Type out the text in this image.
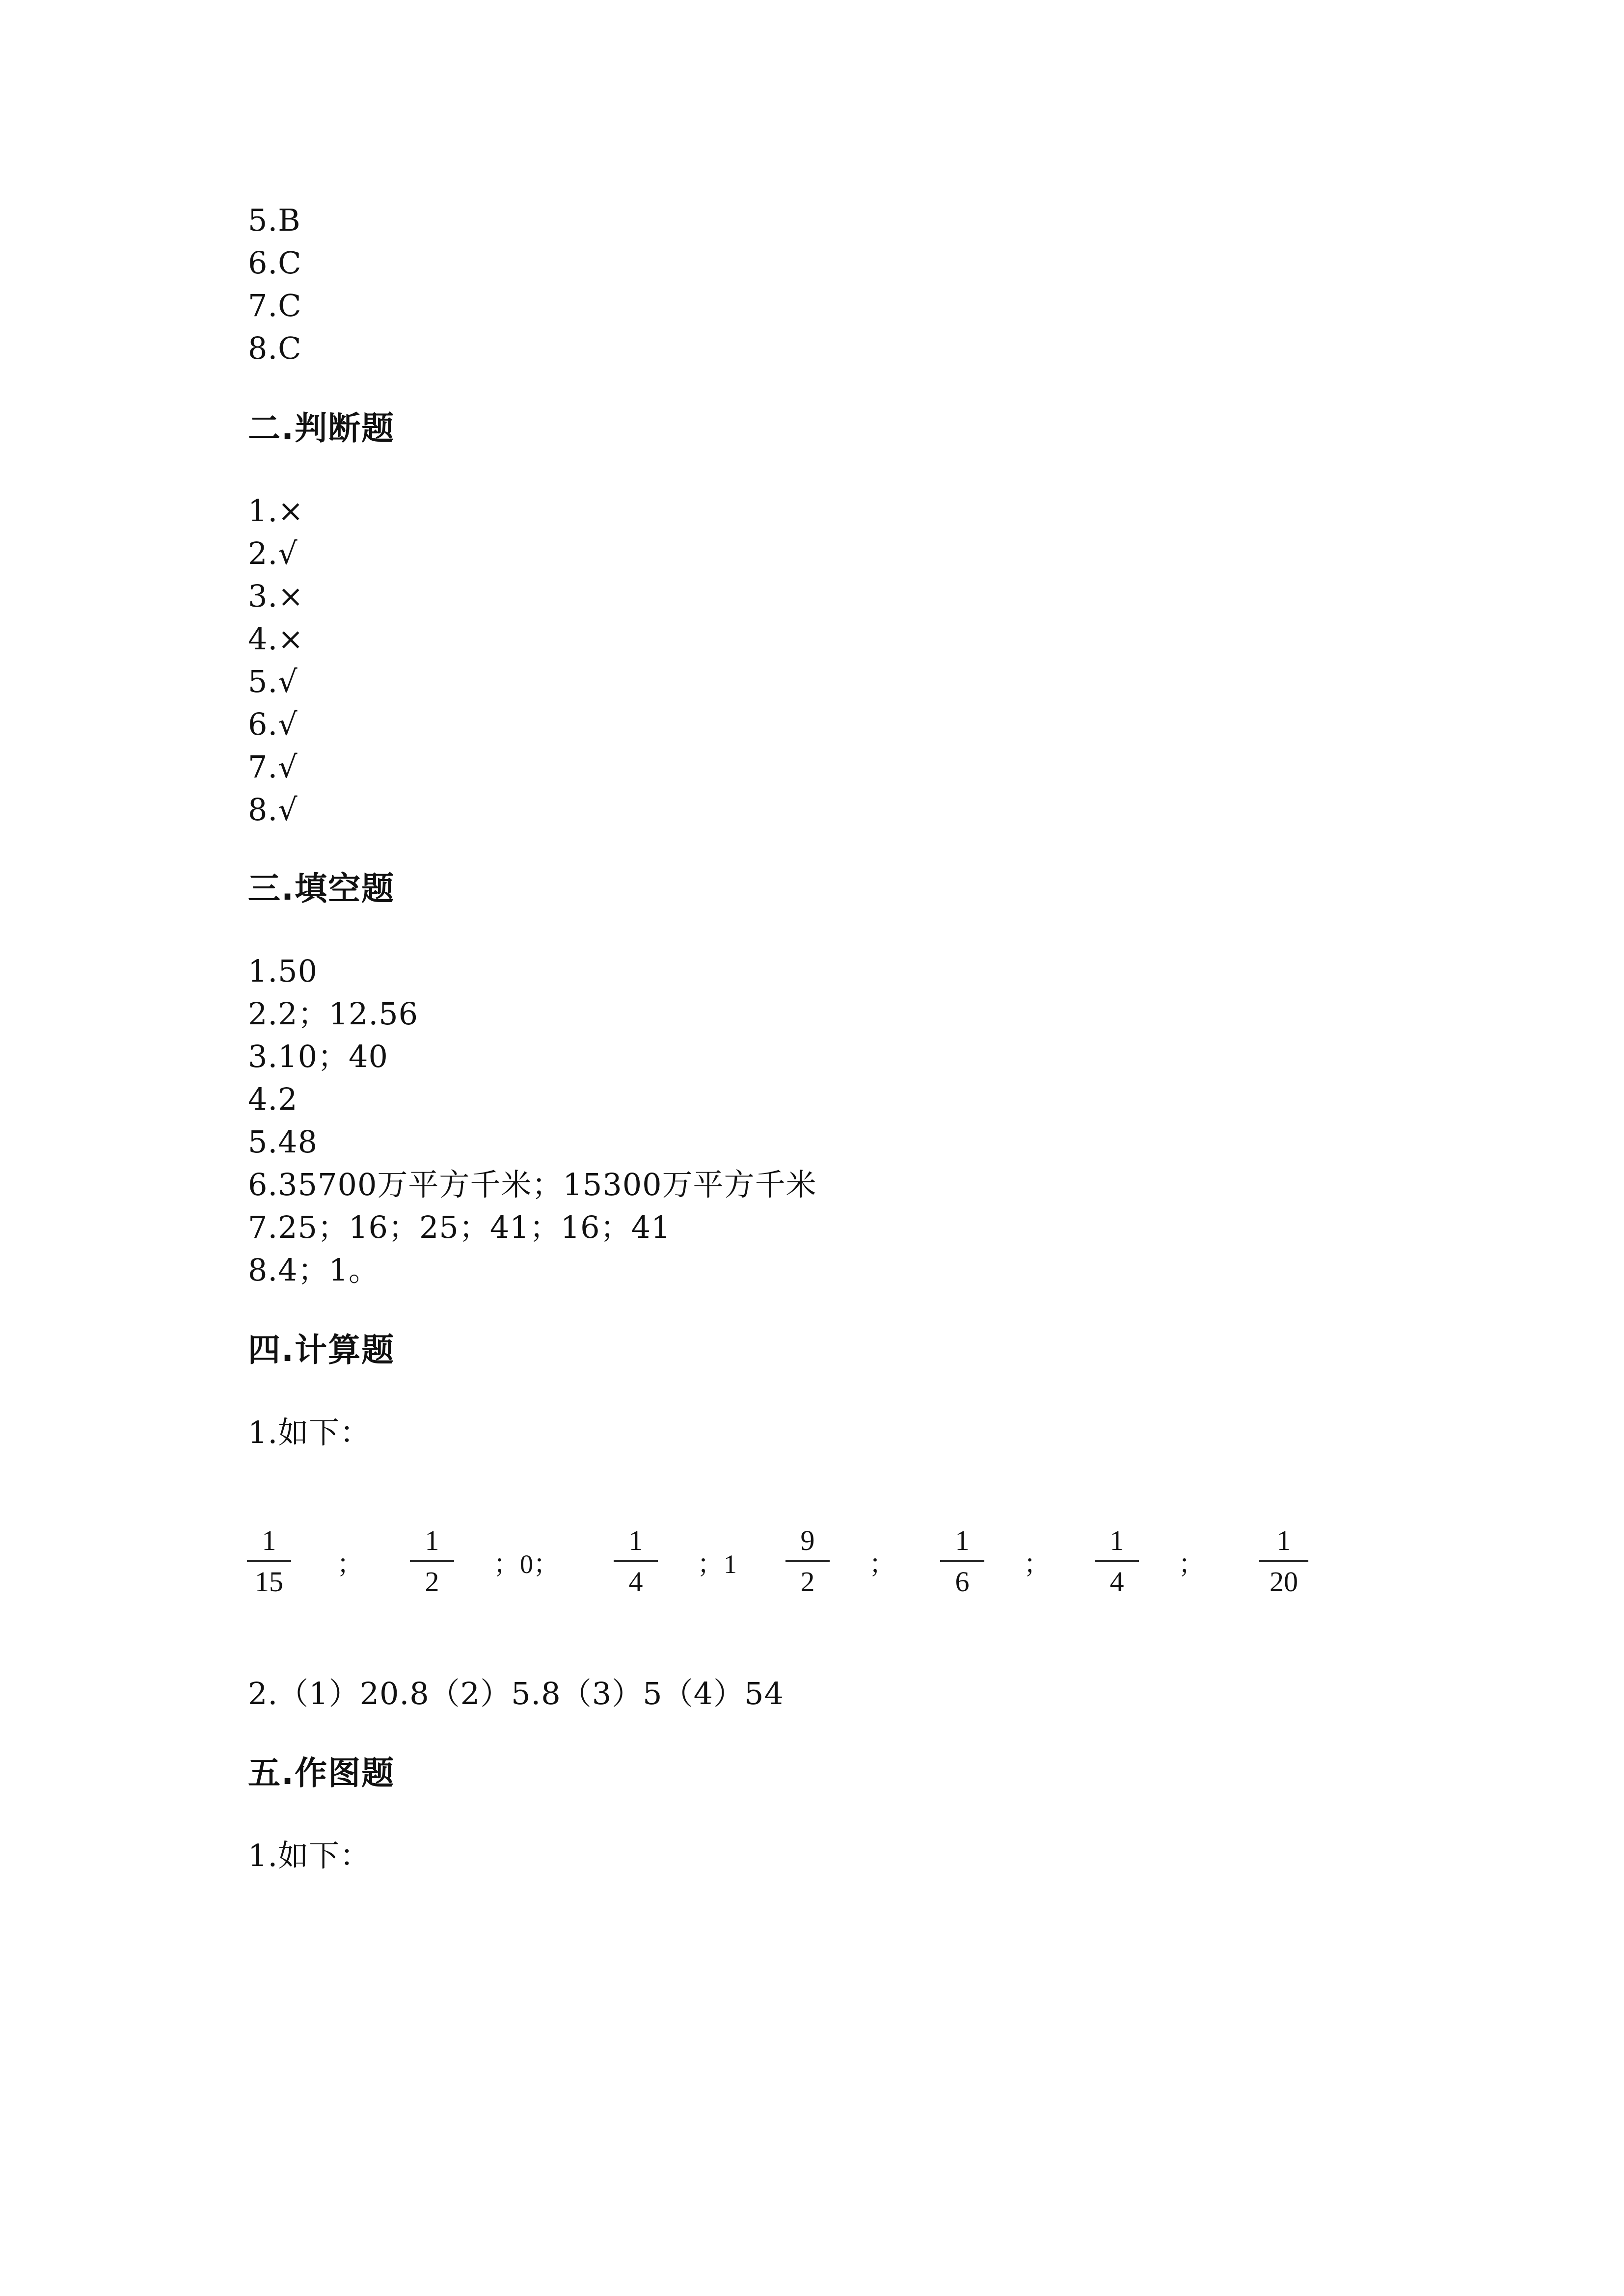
5.B
6.C
7.C
8.C
二.判断题
1.×
2.√
3.×
4.×
5.√
6.√
7.√
8.√
三.填空题
1.50
2.2；12.56
3.10；40
4.2
5.48
6.35700万平方千米；15300万平方千米
7.25；16；25；41；16；41
8.4；1。
四.计算题
1.如下：
1
15
；
1
2
；0；
1
4
；1
9
2
；
1
6
；
1
4
；
1
20
2.（1）20.8（2）5.8（3）5（4）54
五.作图题
1.如下：
